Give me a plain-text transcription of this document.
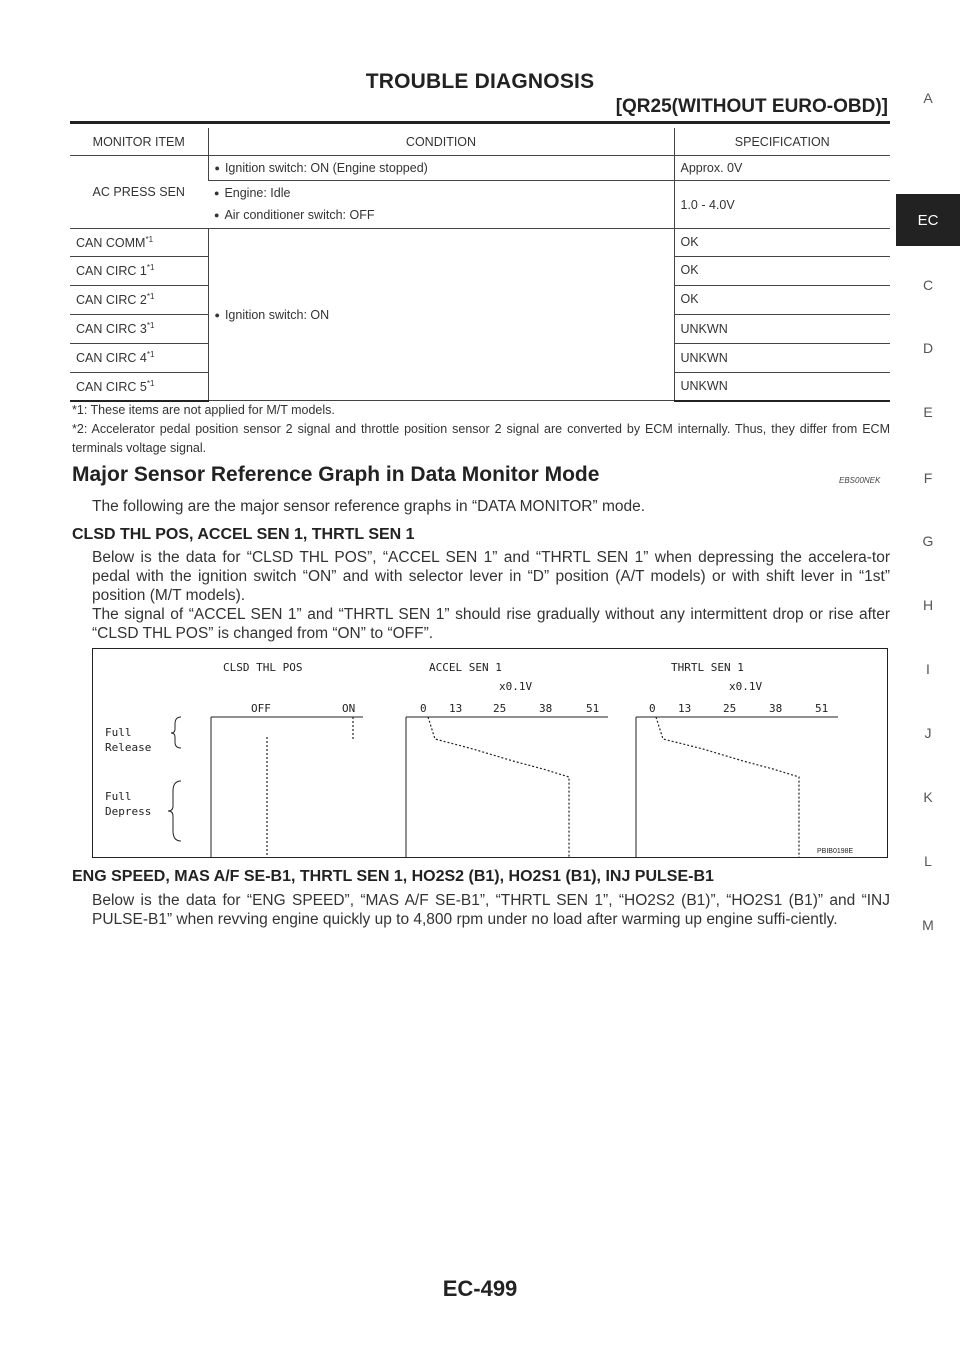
TROUBLE DIAGNOSIS
[QR25(WITHOUT EURO-OBD)]
MONITOR ITEM	CONDITION	SPECIFICATION
AC PRESS SEN	● Ignition switch: ON (Engine stopped)	Approx. 0V

● Engine: Idle
● Air conditioner switch: OFF	1.0 - 4.0V
CAN COMM$^{*1}$	● Ignition switch: ON	OK
CAN CIRC 1$^{*1}$		OK
CAN CIRC 2$^{*1}$		OK
CAN CIRC 3$^{*1}$		UNKWN
CAN CIRC 4$^{*1}$		UNKWN
CAN CIRC 5$^{*1}$		UNKWN
*1: These items are not applied for M/T models.
*2: Accelerator pedal position sensor 2 signal and throttle position sensor 2 signal are converted by ECM internally. Thus, they differ from ECM terminals voltage signal.
Major Sensor Reference Graph in Data Monitor Mode	EBS00NEK
The following are the major sensor reference graphs in “DATA MONITOR” mode.
CLSD THL POS, ACCEL SEN 1, THRTL SEN 1
Below is the data for “CLSD THL POS”, “ACCEL SEN 1” and “THRTL SEN 1” when depressing the accelera-tor pedal with the ignition switch “ON” and with selector lever in “D” position (A/T models) or with shift lever in “1st” position (M/T models).
The signal of “ACCEL SEN 1” and “THRTL SEN 1” should rise gradually without any intermittent drop or rise after “CLSD THL POS” is changed from “ON” to “OFF”.
CLSD THL POS	ACCEL SEN 1	THRTL SEN 1
x0.1V	x0.1V
OFF	ON	0 13	25	38	51	0 13	25	38	51
Full
Release
Full
Depress
PBIB0198E
ENG SPEED, MAS A/F SE-B1, THRTL SEN 1, HO2S2 (B1), HO2S1 (B1), INJ PULSE-B1
Below is the data for “ENG SPEED”, “MAS A/F SE-B1”, “THRTL SEN 1”, “HO2S2 (B1)”, “HO2S1 (B1)” and “INJ PULSE-B1” when revving engine quickly up to 4,800 rpm under no load after warming up engine suffi-ciently.
A
EC
C
D
E
F
G
H
I
J
K
L
M
EC-499
